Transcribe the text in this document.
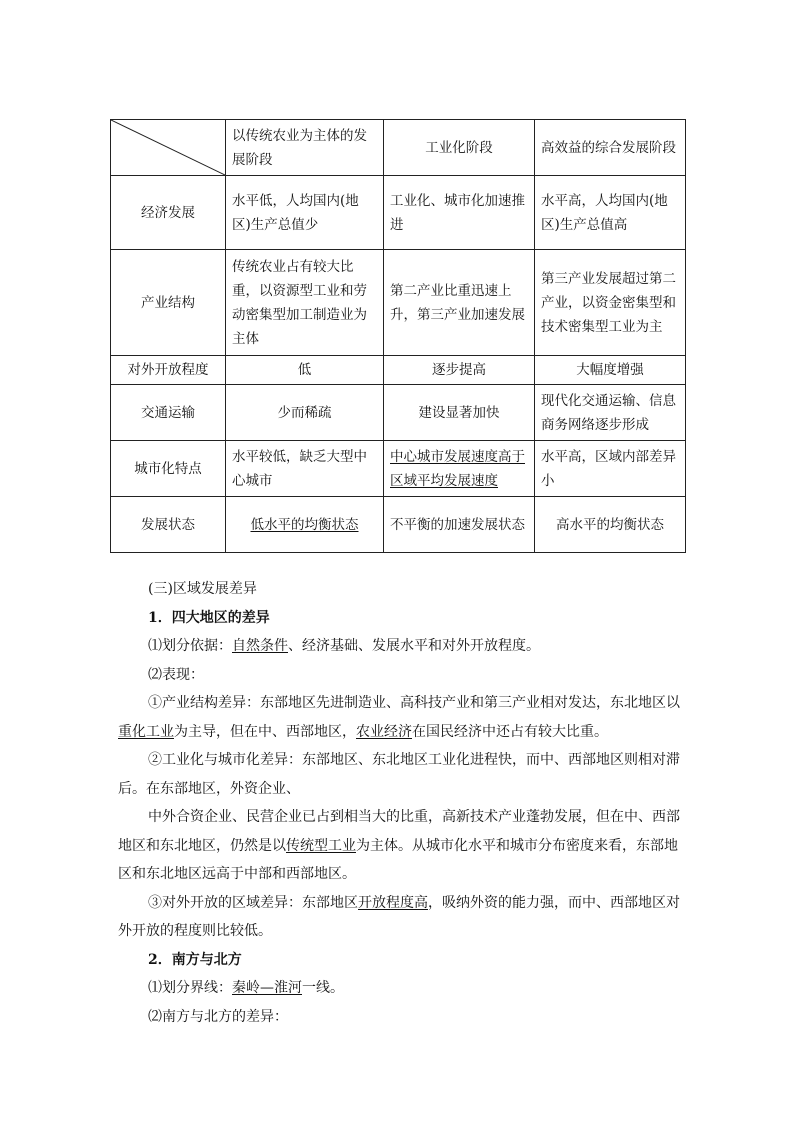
	以传统农业为主体的发展阶段	工业化阶段	高效益的综合发展阶段
经济发展	水平低，人均国内(地区)生产总值少	工业化、城市化加速推进	水平高，人均国内(地区)生产总值高
产业结构	传统农业占有较大比重，以资源型工业和劳动密集型加工制造业为主体	第二产业比重迅速上升，第三产业加速发展	第三产业发展超过第二产业，以资金密集型和技术密集型工业为主
对外开放程度	低	逐步提高	大幅度增强
交通运输	少而稀疏	建设显著加快	现代化交通运输、信息商务网络逐步形成
城市化特点	水平较低，缺乏大型中心城市	中心城市发展速度高于区域平均发展速度	水平高，区域内部差异小
发展状态	低水平的均衡状态	不平衡的加速发展状态	高水平的均衡状态

(三)区域发展差异

1．四大地区的差异

⑴划分依据：自然条件、经济基础、发展水平和对外开放程度。

⑵表现：

①产业结构差异：东部地区先进制造业、高科技产业和第三产业相对发达，东北地区以重化工业为主导，但在中、西部地区，农业经济在国民经济中还占有较大比重。

②工业化与城市化差异：东部地区、东北地区工业化进程快，而中、西部地区则相对滞后。在东部地区，外资企业、

中外合资企业、民营企业已占到相当大的比重，高新技术产业蓬勃发展，但在中、西部地区和东北地区，仍然是以传统型工业为主体。从城市化水平和城市分布密度来看，东部地区和东北地区远高于中部和西部地区。

③对外开放的区域差异：东部地区开放程度高，吸纳外资的能力强，而中、西部地区对外开放的程度则比较低。

2．南方与北方

⑴划分界线：秦岭—淮河一线。

⑵南方与北方的差异：
